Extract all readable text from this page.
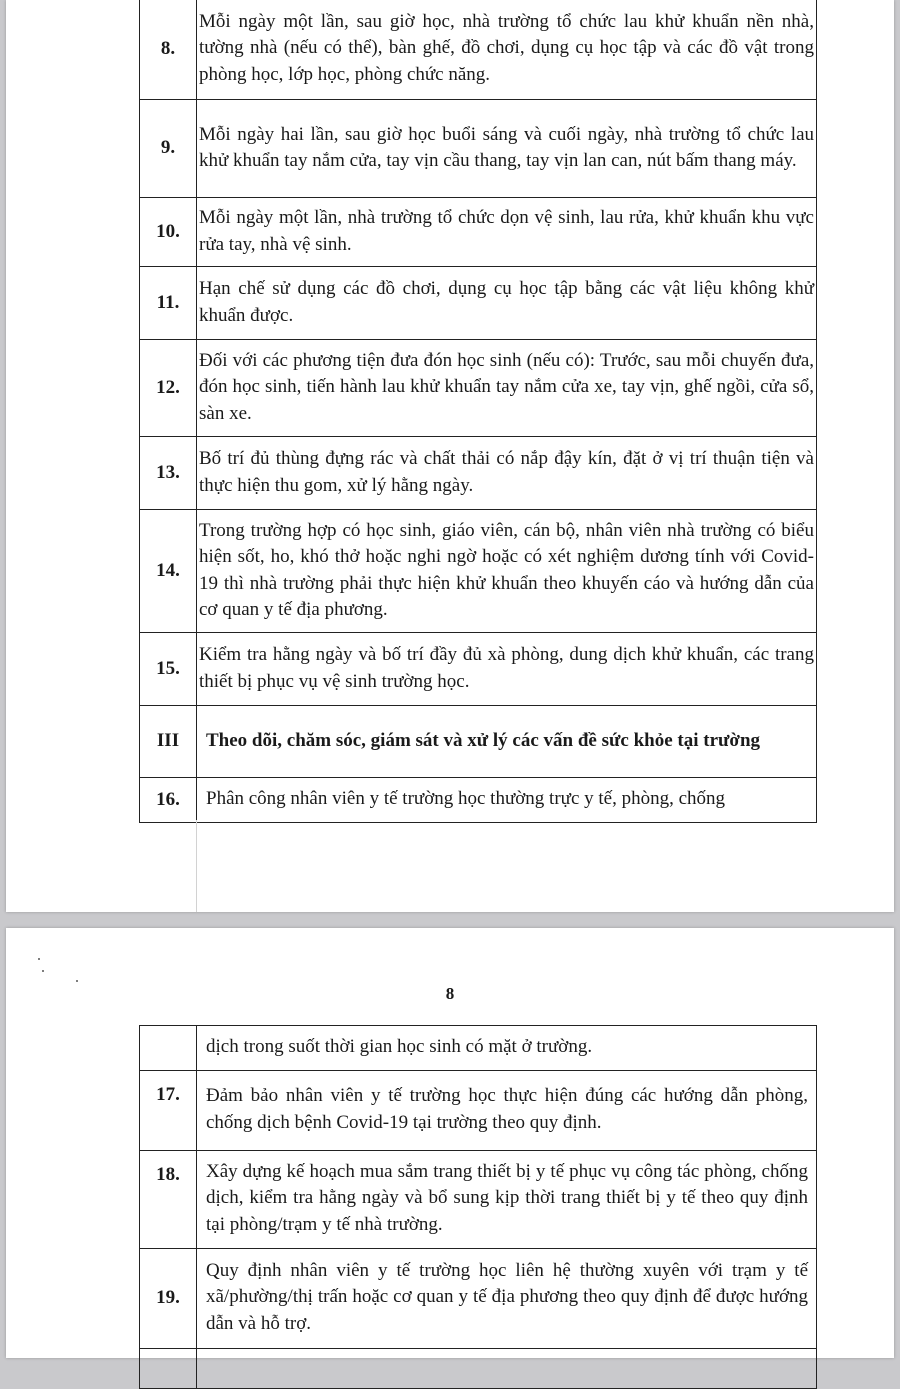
8.	Mỗi ngày một lần, sau giờ học, nhà trường tổ chức lau khử khuẩn nền nhà, tường nhà (nếu có thể), bàn ghế, đồ chơi, dụng cụ học tập và các đồ vật trong phòng học, lớp học, phòng chức năng.
9.	Mỗi ngày hai lần, sau giờ học buổi sáng và cuối ngày, nhà trường tổ chức lau khử khuẩn tay nắm cửa, tay vịn cầu thang, tay vịn lan can, nút bấm thang máy.
10.	Mỗi ngày một lần, nhà trường tổ chức dọn vệ sinh, lau rửa, khử khuẩn khu vực rửa tay, nhà vệ sinh.
11.	Hạn chế sử dụng các đồ chơi, dụng cụ học tập bằng các vật liệu không khử khuẩn được.
12.	Đối với các phương tiện đưa đón học sinh (nếu có): Trước, sau mỗi chuyến đưa, đón học sinh, tiến hành lau khử khuẩn tay nắm cửa xe, tay vịn, ghế ngồi, cửa sổ, sàn xe.
13.	Bố trí đủ thùng đựng rác và chất thải có nắp đậy kín, đặt ở vị trí thuận tiện và thực hiện thu gom, xử lý hằng ngày.
14.	Trong trường hợp có học sinh, giáo viên, cán bộ, nhân viên nhà trường có biểu hiện sốt, ho, khó thở hoặc nghi ngờ hoặc có xét nghiệm dương tính với Covid-19 thì nhà trường phải thực hiện khử khuẩn theo khuyến cáo và hướng dẫn của cơ quan y tế địa phương.
15.	Kiểm tra hằng ngày và bố trí đầy đủ xà phòng, dung dịch khử khuẩn, các trang thiết bị phục vụ vệ sinh trường học.
III	Theo dõi, chăm sóc, giám sát và xử lý các vấn đề sức khỏe tại trường
16.	Phân công nhân viên y tế trường học thường trực y tế, phòng, chống
8
	dịch trong suốt thời gian học sinh có mặt ở trường.
17.	Đảm bảo nhân viên y tế trường học thực hiện đúng các hướng dẫn phòng, chống dịch bệnh Covid-19 tại trường theo quy định.
18.	Xây dựng kế hoạch mua sắm trang thiết bị y tế phục vụ công tác phòng, chống dịch, kiểm tra hằng ngày và bổ sung kịp thời trang thiết bị y tế theo quy định tại phòng/trạm y tế nhà trường.
19.	Quy định nhân viên y tế trường học liên hệ thường xuyên với trạm y tế xã/phường/thị trấn hoặc cơ quan y tế địa phương theo quy định để được hướng dẫn và hỗ trợ.
